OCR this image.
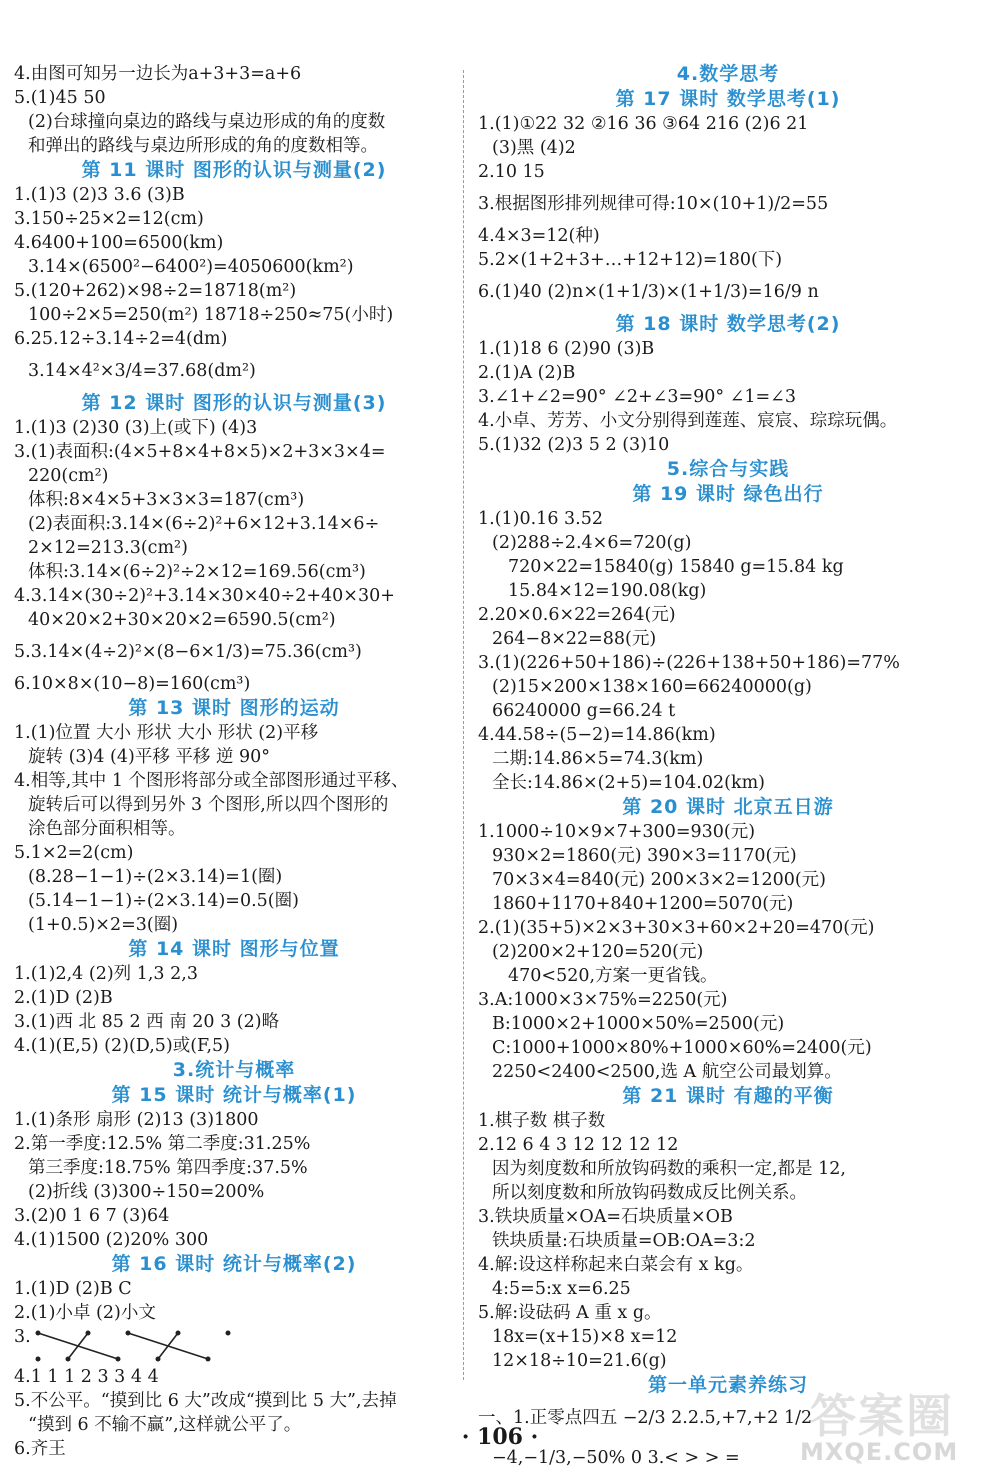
4.由图可知另一边长为a+3+3=a+6
5.(1)45 50
(2)台球撞向桌边的路线与桌边形成的角的度数
和弹出的路线与桌边所形成的角的度数相等。
第 11 课时 图形的认识与测量(2)
1.(1)3 (2)3 3.6 (3)B
3.150÷25×2=12(cm)
4.6400+100=6500(km)
3.14×(6500²−6400²)=4050600(km²)
5.(120+262)×98÷2=18718(m²)
100÷2×5=250(m²) 18718÷250≈75(小时)
6.25.12÷3.14÷2=4(dm)
3.14×4²×3/4=37.68(dm²)
第 12 课时 图形的认识与测量(3)
1.(1)3 (2)30 (3)上(或下) (4)3
3.(1)表面积:(4×5+8×4+8×5)×2+3×3×4=
220(cm²)
体积:8×4×5+3×3×3=187(cm³)
(2)表面积:3.14×(6÷2)²+6×12+3.14×6÷
2×12=213.3(cm²)
体积:3.14×(6÷2)²÷2×12=169.56(cm³)
4.3.14×(30÷2)²+3.14×30×40÷2+40×30+
40×20×2+30×20×2=6590.5(cm²)
5.3.14×(4÷2)²×(8−6×1/3)=75.36(cm³)
6.10×8×(10−8)=160(cm³)
第 13 课时 图形的运动
1.(1)位置 大小 形状 大小 形状 (2)平移
旋转 (3)4 (4)平移 平移 逆 90°
4.相等,其中 1 个图形将部分或全部图形通过平移、
旋转后可以得到另外 3 个图形,所以四个图形的
涂色部分面积相等。
5.1×2=2(cm)
(8.28−1−1)÷(2×3.14)=1(圈)
(5.14−1−1)÷(2×3.14)=0.5(圈)
(1+0.5)×2=3(圈)
第 14 课时 图形与位置
1.(1)2,4 (2)列 1,3 2,3
2.(1)D (2)B
3.(1)西 北 85 2 西 南 20 3 (2)略
4.(1)(E,5) (2)(D,5)或(F,5)
3.统计与概率
第 15 课时 统计与概率(1)
1.(1)条形 扇形 (2)13 (3)1800
2.第一季度:12.5% 第二季度:31.25%
第三季度:18.75% 第四季度:37.5%
(2)折线 (3)300÷150=200%
3.(2)0 1 6 7 (3)64
4.(1)1500 (2)20% 300
第 16 课时 统计与概率(2)
1.(1)D (2)B C
2.(1)小卓 (2)小文
3.
4.1 1 1 2 3 3 4 4
5.不公平。“摸到比 6 大”改成“摸到比 5 大”,去掉
“摸到 6 不输不赢”,这样就公平了。
6.齐王
4.数学思考
第 17 课时 数学思考(1)
1.(1)①22 32 ②16 36 ③64 216 (2)6 21
(3)黑 (4)2
2.10 15
3.根据图形排列规律可得:10×(10+1)/2=55
4.4×3=12(种)
5.2×(1+2+3+…+12+12)=180(下)
6.(1)40 (2)n×(1+1/3)×(1+1/3)=16/9 n
第 18 课时 数学思考(2)
1.(1)18 6 (2)90 (3)B
2.(1)A (2)B
3.∠1+∠2=90° ∠2+∠3=90° ∠1=∠3
4.小卓、芳芳、小文分别得到莲莲、宸宸、琮琮玩偶。
5.(1)32 (2)3 5 2 (3)10
5.综合与实践
第 19 课时 绿色出行
1.(1)0.16 3.52
(2)288÷2.4×6=720(g)
720×22=15840(g) 15840 g=15.84 kg
15.84×12=190.08(kg)
2.20×0.6×22=264(元)
264−8×22=88(元)
3.(1)(226+50+186)÷(226+138+50+186)=77%
(2)15×200×138×160=66240000(g)
66240000 g=66.24 t
4.44.58÷(5−2)=14.86(km)
二期:14.86×5=74.3(km)
全长:14.86×(2+5)=104.02(km)
第 20 课时 北京五日游
1.1000÷10×9×7+300=930(元)
930×2=1860(元) 390×3=1170(元)
70×3×4=840(元) 200×3×2=1200(元)
1860+1170+840+1200=5070(元)
2.(1)(35+5)×2×3+30×3+60×2+20=470(元)
(2)200×2+120=520(元)
470<520,方案一更省钱。
3.A:1000×3×75%=2250(元)
B:1000×2+1000×50%=2500(元)
C:1000+1000×80%+1000×60%=2400(元)
2250<2400<2500,选 A 航空公司最划算。
第 21 课时 有趣的平衡
1.棋子数 棋子数
2.12 6 4 3 12 12 12 12
因为刻度数和所放钩码数的乘积一定,都是 12,
所以刻度数和所放钩码数成反比例关系。
3.铁块质量×OA=石块质量×OB
铁块质量:石块质量=OB:OA=3:2
4.解:设这样称起来白菜会有 x kg。
4:5=5:x x=6.25
5.解:设砝码 A 重 x g。
18x=(x+15)×8 x=12
12×18÷10=21.6(g)
第一单元素养练习
一、1.正零点四五 −2/3 2.2.5,+7,+2 1/2
−4,−1/3,−50% 0 3.< > > =
· 106 ·	答案圈
MXQE.COM
